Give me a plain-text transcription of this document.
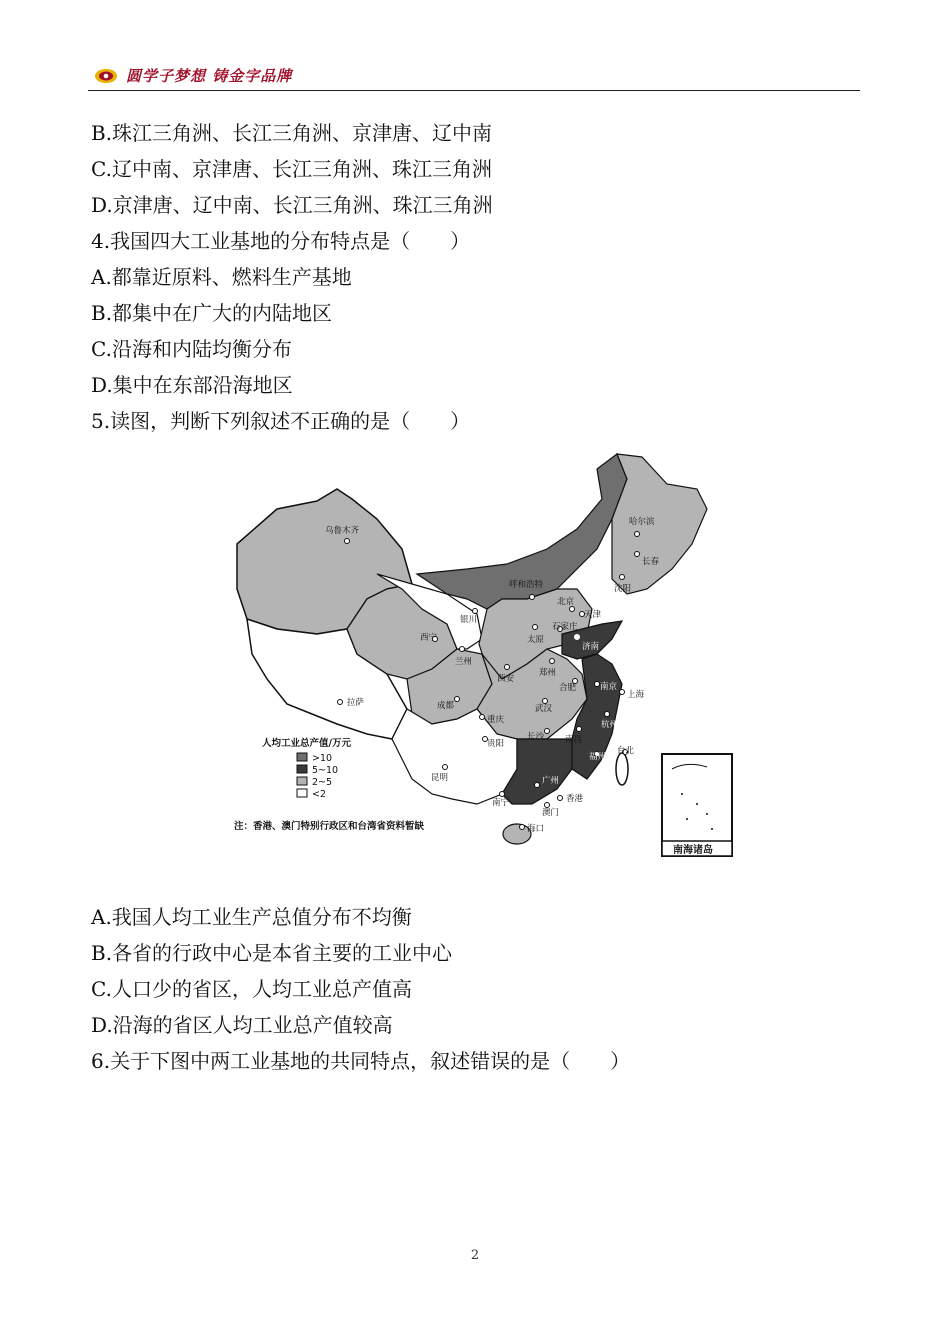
圆学子梦想 铸金字品牌
B.珠江三角洲、长江三角洲、京津唐、辽中南
C.辽中南、京津唐、长江三角洲、珠江三角洲
D.京津唐、辽中南、长江三角洲、珠江三角洲
4.我国四大工业基地的分布特点是（　　）
A.都靠近原料、燃料生产基地
B.都集中在广大的内陆地区
C.沿海和内陆均衡分布
D.集中在东部沿海地区
5.读图，判断下列叙述不正确的是（　　）
乌鲁木齐
哈尔滨
长春
沈阳
呼和浩特
北京
天津
银川
石家庄
太原
济南
西宁
兰州
郑州
西安
南京
合肥
上海
拉萨	成都	武汉
杭州
重庆
长沙 南昌
贵阳
福州
台北
昆明	广州
香港
澳门
南宁
海口
人均工业总产值/万元
>10
5~10
2~5
<2
注：香港、澳门特别行政区和台湾省资料暂缺
南海诸岛
A.我国人均工业生产总值分布不均衡
B.各省的行政中心是本省主要的工业中心
C.人口少的省区，人均工业总产值高
D.沿海的省区人均工业总产值较高
6.关于下图中两工业基地的共同特点，叙述错误的是（　　）
2
